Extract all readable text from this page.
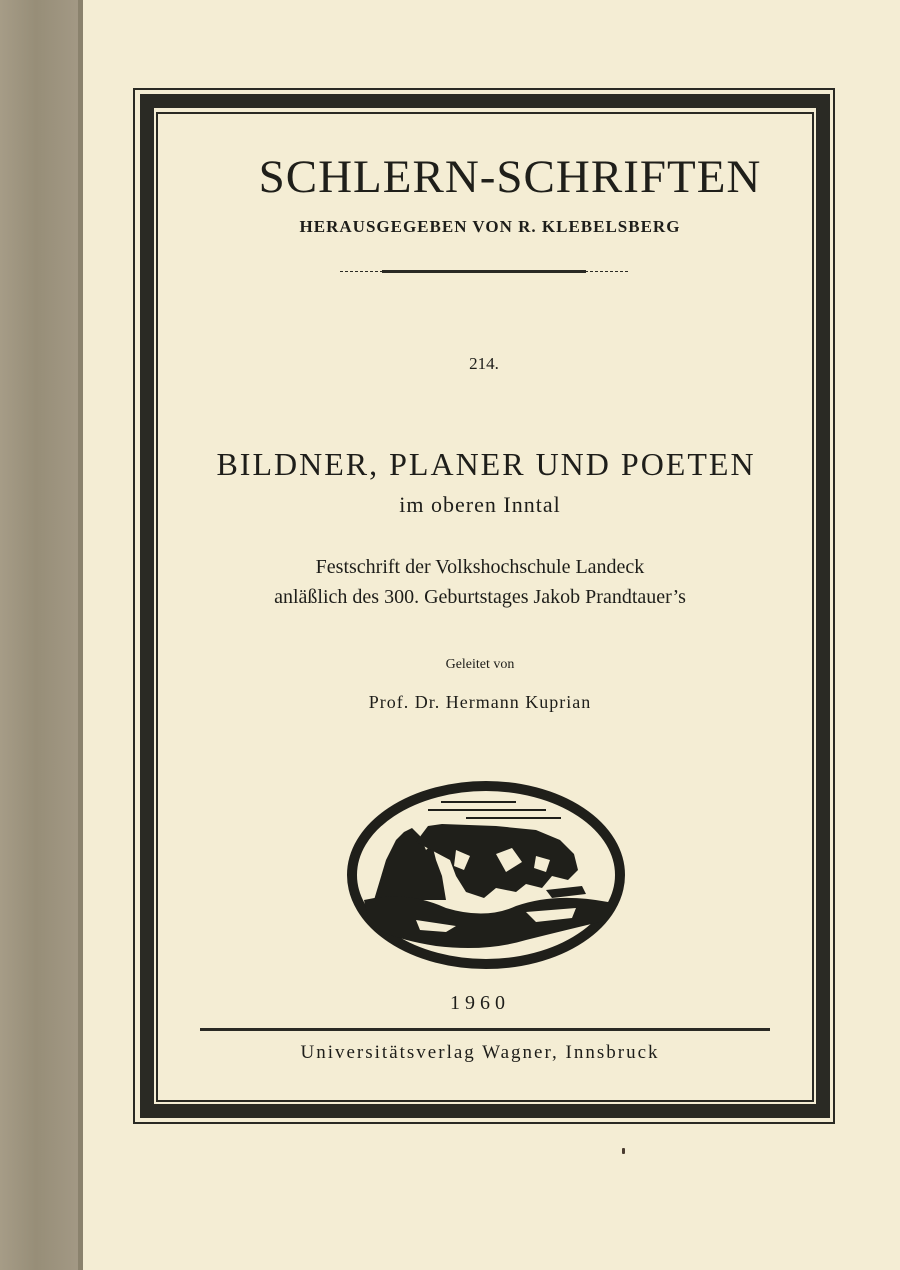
SCHLERN-SCHRIFTEN
HERAUSGEGEBEN VON R. KLEBELSBERG
214.
BILDNER, PLANER UND POETEN
im oberen Inntal
Festschrift der Volkshochschule Landeck
anläßlich des 300. Geburtstages Jakob Prandtauer’s
Geleitet von
Prof. Dr. Hermann Kuprian
1960
Universitätsverlag Wagner, Innsbruck
